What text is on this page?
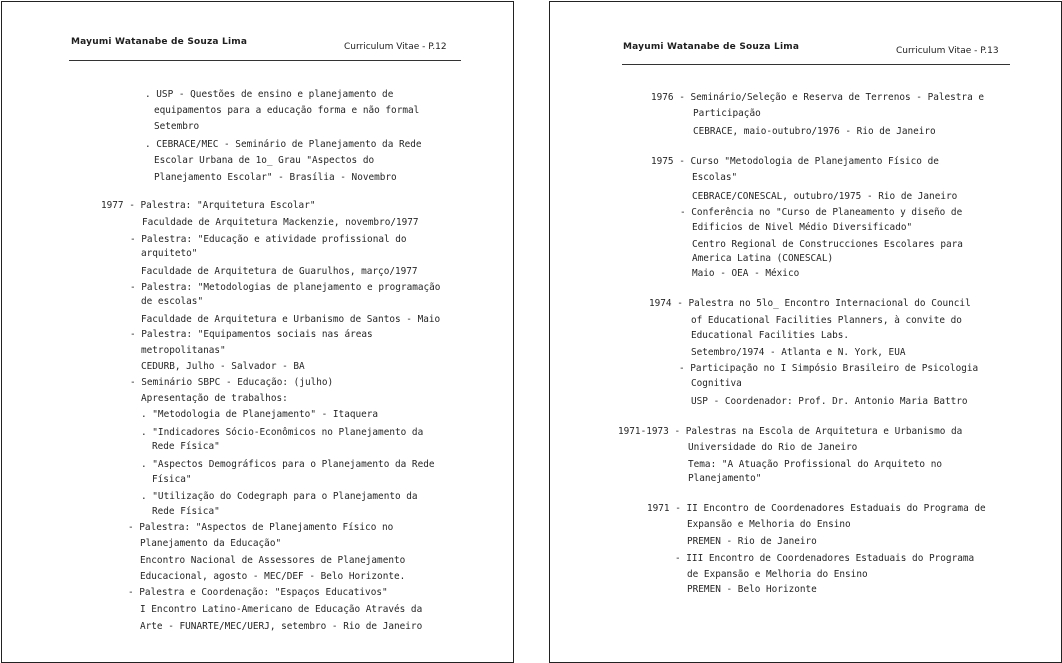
Mayumi Watanabe de Souza Lima	Curriculum Vitae - P.12
. USP - Questões de ensino e planejamento de
equipamentos para a educação forma e não formal
Setembro
. CEBRACE/MEC - Seminário de Planejamento da Rede
Escolar Urbana de 1o_ Grau "Aspectos do
Planejamento Escolar" - Brasília - Novembro
1977 - Palestra: "Arquitetura Escolar"
Faculdade de Arquitetura Mackenzie, novembro/1977
- Palestra: "Educação e atividade profissional do
arquiteto"
Faculdade de Arquitetura de Guarulhos, março/1977
- Palestra: "Metodologias de planejamento e programação
de escolas"
Faculdade de Arquitetura e Urbanismo de Santos - Maio
- Palestra: "Equipamentos sociais nas áreas
metropolitanas"
CEDURB, Julho - Salvador - BA
- Seminário SBPC - Educação: (julho)
Apresentação de trabalhos:
. "Metodologia de Planejamento" - Itaquera
. "Indicadores Sócio-Econômicos no Planejamento da
Rede Física"
. "Aspectos Demográficos para o Planejamento da Rede
Física"
. "Utilização do Codegraph para o Planejamento da
Rede Física"
- Palestra: "Aspectos de Planejamento Físico no
Planejamento da Educação"
Encontro Nacional de Assessores de Planejamento
Educacional, agosto - MEC/DEF - Belo Horizonte.
- Palestra e Coordenação: "Espaços Educativos"
I Encontro Latino-Americano de Educação Através da
Arte - FUNARTE/MEC/UERJ, setembro - Rio de Janeiro
Mayumi Watanabe de Souza Lima	Curriculum Vitae - P.13
1976 - Seminário/Seleção e Reserva de Terrenos - Palestra e
Participação
CEBRACE, maio-outubro/1976 - Rio de Janeiro
1975 - Curso "Metodologia de Planejamento Físico de
Escolas"
CEBRACE/CONESCAL, outubro/1975 - Rio de Janeiro
- Conferência no "Curso de Planeamento y diseño de
Edificios de Nivel Médio Diversificado"
Centro Regional de Construcciones Escolares para
America Latina (CONESCAL)
Maio - OEA - México
1974 - Palestra no 5lo_ Encontro Internacional do Council
of Educational Facilities Planners, à convite do
Educational Facilities Labs.
Setembro/1974 - Atlanta e N. York, EUA
- Participação no I Simpósio Brasileiro de Psicologia
Cognitiva
USP - Coordenador: Prof. Dr. Antonio Maria Battro
1971-1973 - Palestras na Escola de Arquitetura e Urbanismo da
Universidade do Rio de Janeiro
Tema: "A Atuação Profissional do Arquiteto no
Planejamento"
1971 - II Encontro de Coordenadores Estaduais do Programa de
Expansão e Melhoria do Ensino
PREMEN - Rio de Janeiro
- III Encontro de Coordenadores Estaduais do Programa
de Expansão e Melhoria do Ensino
PREMEN - Belo Horizonte
